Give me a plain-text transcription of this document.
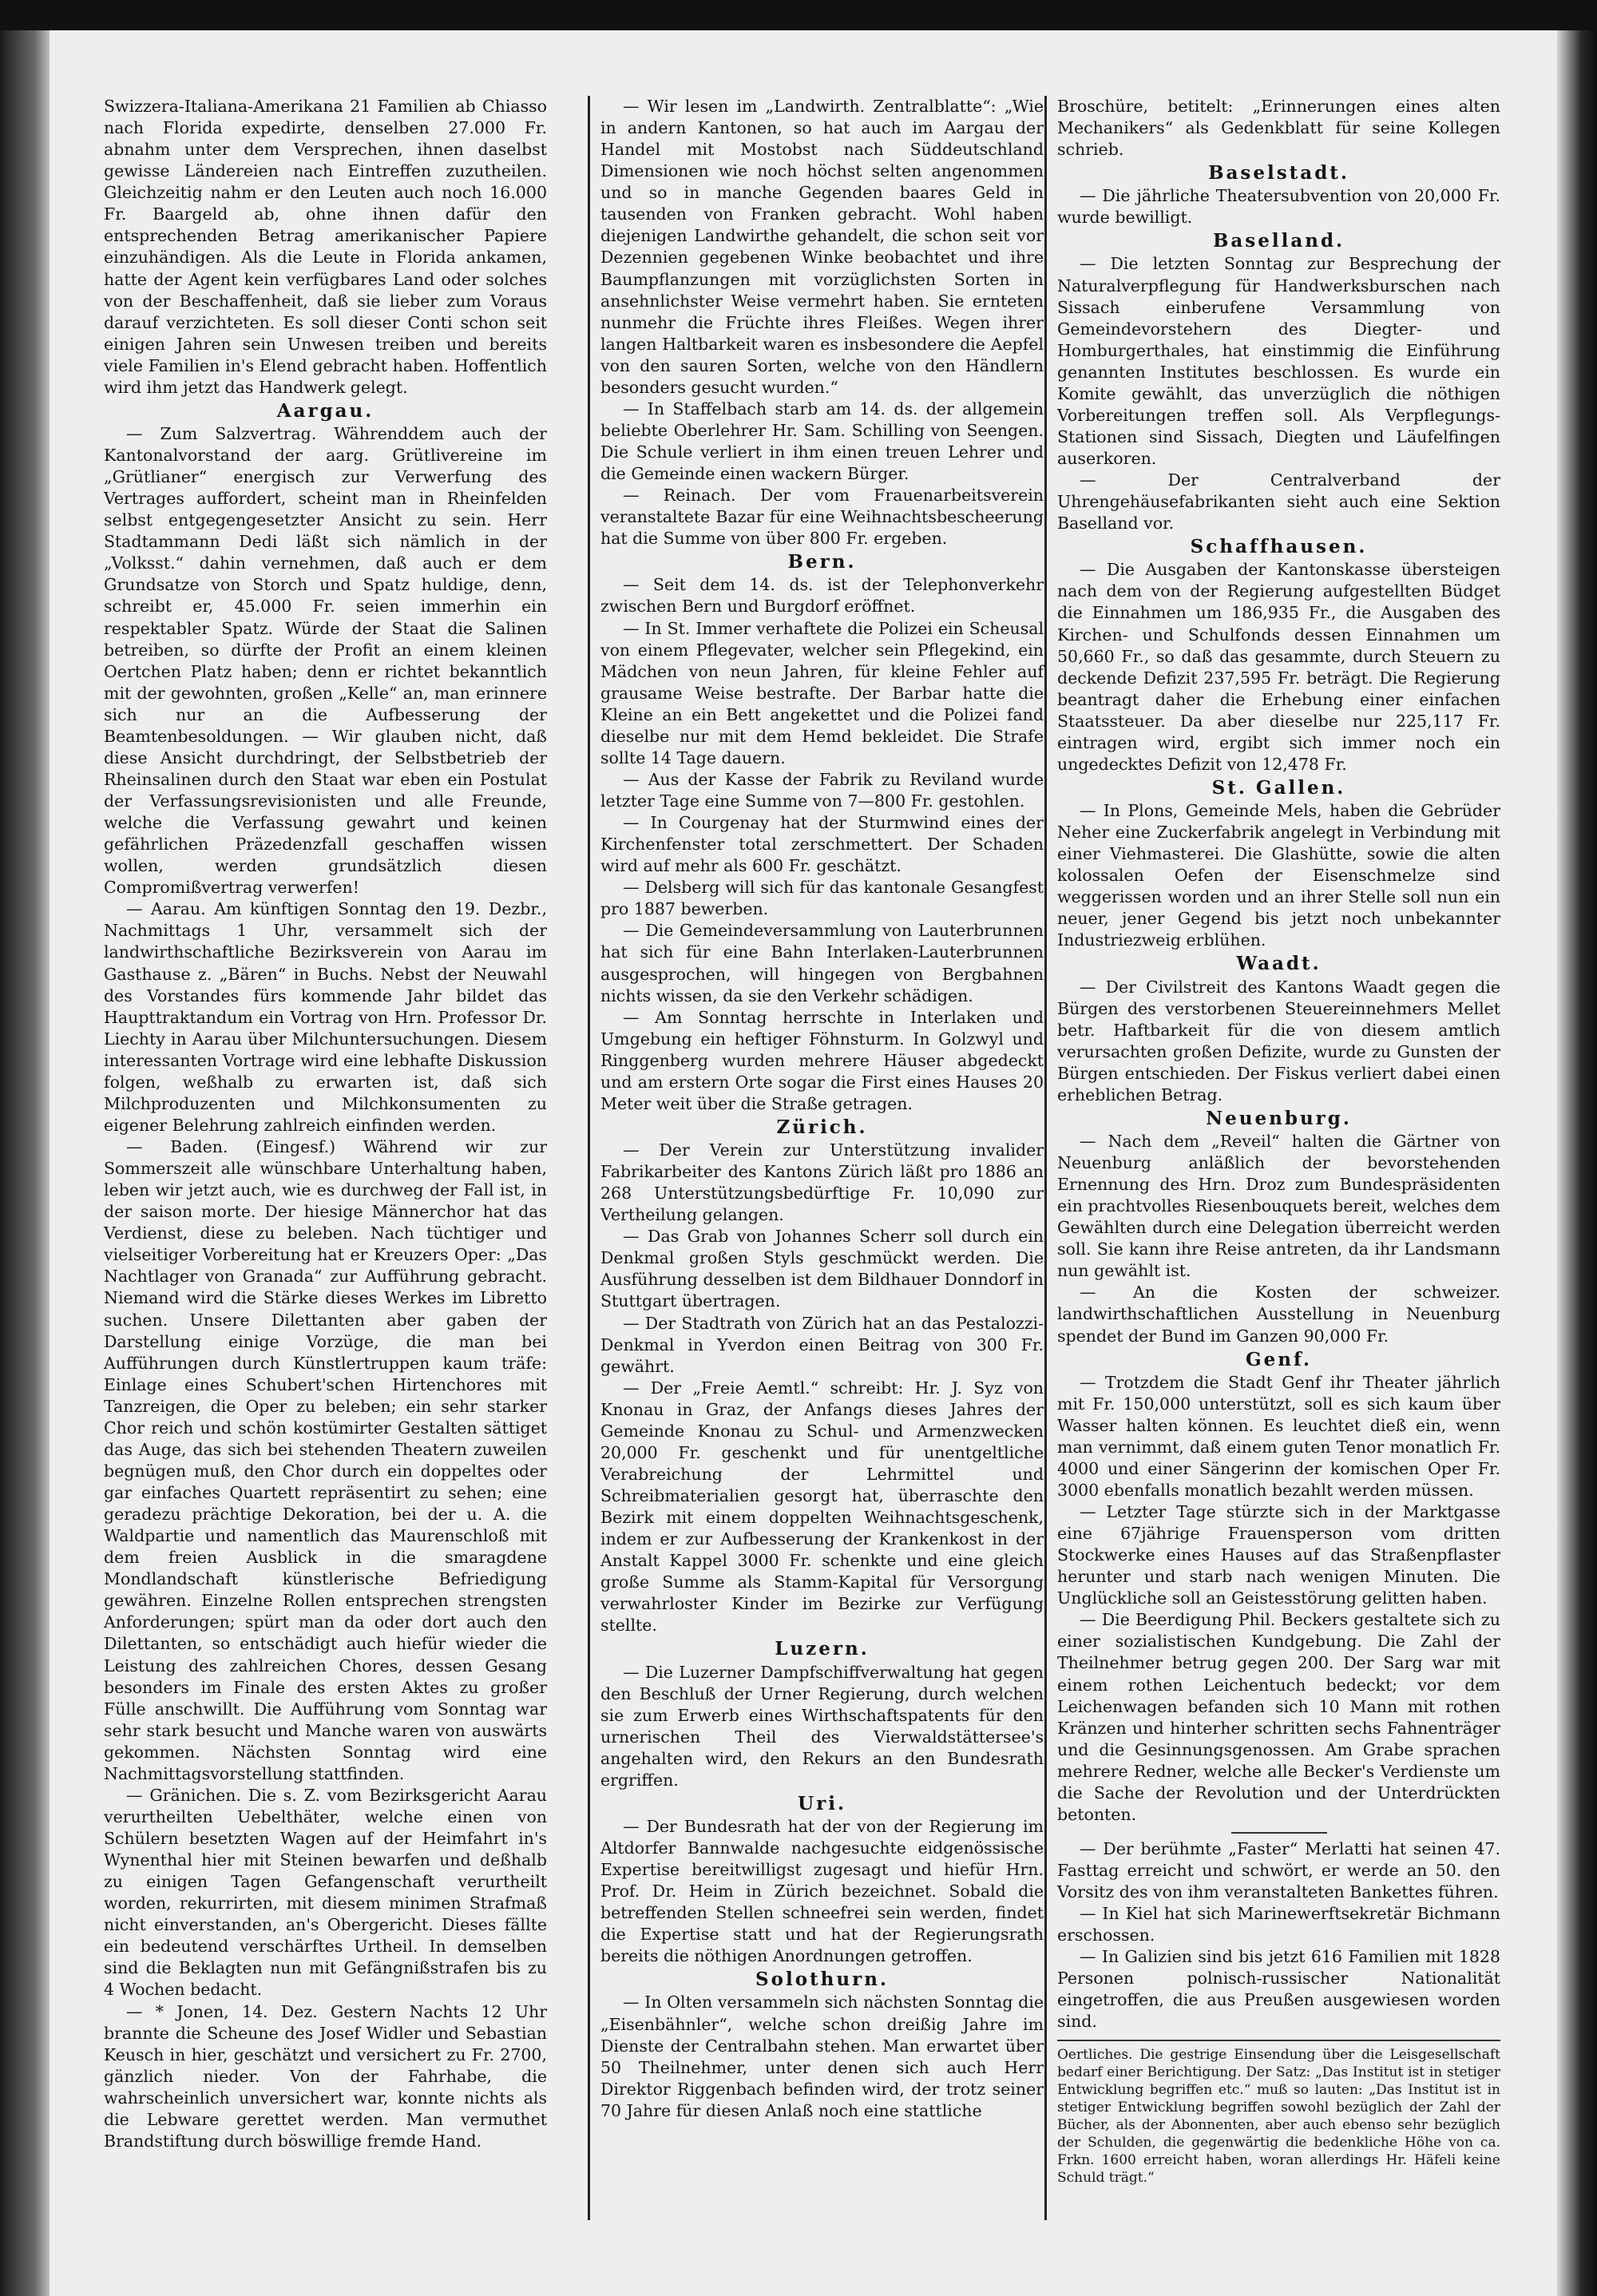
Swizzera-Italiana-Amerikana 21 Familien ab Chiasso nach Florida expedirte, denselben 27.000 Fr. abnahm unter dem Versprechen, ihnen daselbst gewisse Ländereien nach Eintreffen zuzutheilen. Gleichzeitig nahm er den Leuten auch noch 16.000 Fr. Baargeld ab, ohne ihnen dafür den entsprechenden Betrag amerikanischer Papiere einzuhändigen. Als die Leute in Florida ankamen, hatte der Agent kein verfügbares Land oder solches von der Beschaffenheit, daß sie lieber zum Voraus darauf verzichteten. Es soll dieser Conti schon seit einigen Jahren sein Unwesen treiben und bereits viele Familien in's Elend gebracht haben. Hoffentlich wird ihm jetzt das Handwerk gelegt.

Aargau.

— Zum Salzvertrag. Währenddem auch der Kantonalvorstand der aarg. Grütlivereine im „Grütlianer“ energisch zur Verwerfung des Vertrages auffordert, scheint man in Rheinfelden selbst entgegengesetzter Ansicht zu sein. Herr Stadtammann Dedi läßt sich nämlich in der „Volksst.“ dahin vernehmen, daß auch er dem Grundsatze von Storch und Spatz huldige, denn, schreibt er, 45.000 Fr. seien immerhin ein respektabler Spatz. Würde der Staat die Salinen betreiben, so dürfte der Profit an einem kleinen Oertchen Platz haben; denn er richtet bekanntlich mit der gewohnten, großen „Kelle“ an, man erinnere sich nur an die Aufbesserung der Beamtenbesoldungen. — Wir glauben nicht, daß diese Ansicht durchdringt, der Selbstbetrieb der Rheinsalinen durch den Staat war eben ein Postulat der Verfassungsrevisionisten und alle Freunde, welche die Verfassung gewahrt und keinen gefährlichen Präzedenzfall geschaffen wissen wollen, werden grundsätzlich diesen Compromißvertrag verwerfen!

— Aarau. Am künftigen Sonntag den 19. Dezbr., Nachmittags 1 Uhr, versammelt sich der landwirthschaftliche Bezirksverein von Aarau im Gasthause z. „Bären“ in Buchs. Nebst der Neuwahl des Vorstandes fürs kommende Jahr bildet das Haupttraktandum ein Vortrag von Hrn. Professor Dr. Liechty in Aarau über Milchuntersuchungen. Diesem interessanten Vortrage wird eine lebhafte Diskussion folgen, weßhalb zu erwarten ist, daß sich Milchproduzenten und Milchkonsumenten zu eigener Belehrung zahlreich einfinden werden.

— Baden. (Eingesf.) Während wir zur Sommerszeit alle wünschbare Unterhaltung haben, leben wir jetzt auch, wie es durchweg der Fall ist, in der saison morte. Der hiesige Männerchor hat das Verdienst, diese zu beleben. Nach tüchtiger und vielseitiger Vorbereitung hat er Kreuzers Oper: „Das Nachtlager von Granada“ zur Aufführung gebracht. Niemand wird die Stärke dieses Werkes im Libretto suchen. Unsere Dilettanten aber gaben der Darstellung einige Vorzüge, die man bei Aufführungen durch Künstlertruppen kaum träfe: Einlage eines Schubert'schen Hirtenchores mit Tanzreigen, die Oper zu beleben; ein sehr starker Chor reich und schön kostümirter Gestalten sättiget das Auge, das sich bei stehenden Theatern zuweilen begnügen muß, den Chor durch ein doppeltes oder gar einfaches Quartett repräsentirt zu sehen; eine geradezu prächtige Dekoration, bei der u. A. die Waldpartie und namentlich das Maurenschloß mit dem freien Ausblick in die smaragdene Mondlandschaft künstlerische Befriedigung gewähren. Einzelne Rollen entsprechen strengsten Anforderungen; spürt man da oder dort auch den Dilettanten, so entschädigt auch hiefür wieder die Leistung des zahlreichen Chores, dessen Gesang besonders im Finale des ersten Aktes zu großer Fülle anschwillt. Die Aufführung vom Sonntag war sehr stark besucht und Manche waren von auswärts gekommen. Nächsten Sonntag wird eine Nachmittagsvorstellung stattfinden.

— Gränichen. Die s. Z. vom Bezirksgericht Aarau verurtheilten Uebelthäter, welche einen von Schülern besetzten Wagen auf der Heimfahrt in's Wynenthal hier mit Steinen bewarfen und deßhalb zu einigen Tagen Gefangenschaft verurtheilt worden, rekurrirten, mit diesem minimen Strafmaß nicht einverstanden, an's Obergericht. Dieses fällte ein bedeutend verschärftes Urtheil. In demselben sind die Beklagten nun mit Gefängnißstrafen bis zu 4 Wochen bedacht.

— * Jonen, 14. Dez. Gestern Nachts 12 Uhr brannte die Scheune des Josef Widler und Sebastian Keusch in hier, geschätzt und versichert zu Fr. 2700, gänzlich nieder. Von der Fahrhabe, die wahrscheinlich unversichert war, konnte nichts als die Lebware gerettet werden. Man vermuthet Brandstiftung durch böswillige fremde Hand.

— Wir lesen im „Landwirth. Zentralblatte“: „Wie in andern Kantonen, so hat auch im Aargau der Handel mit Mostobst nach Süddeutschland Dimensionen wie noch höchst selten angenommen und so in manche Gegenden baares Geld in tausenden von Franken gebracht. Wohl haben diejenigen Landwirthe gehandelt, die schon seit vor Dezennien gegebenen Winke beobachtet und ihre Baumpflanzungen mit vorzüglichsten Sorten in ansehnlichster Weise vermehrt haben. Sie ernteten nunmehr die Früchte ihres Fleißes. Wegen ihrer langen Haltbarkeit waren es insbesondere die Aepfel von den sauren Sorten, welche von den Händlern besonders gesucht wurden.“

— In Staffelbach starb am 14. ds. der allgemein beliebte Oberlehrer Hr. Sam. Schilling von Seengen. Die Schule verliert in ihm einen treuen Lehrer und die Gemeinde einen wackern Bürger.

— Reinach. Der vom Frauenarbeitsverein veranstaltete Bazar für eine Weihnachtsbescheerung hat die Summe von über 800 Fr. ergeben.

Bern.

— Seit dem 14. ds. ist der Telephonverkehr zwischen Bern und Burgdorf eröffnet.

— In St. Immer verhaftete die Polizei ein Scheusal von einem Pflegevater, welcher sein Pflegekind, ein Mädchen von neun Jahren, für kleine Fehler auf grausame Weise bestrafte. Der Barbar hatte die Kleine an ein Bett angekettet und die Polizei fand dieselbe nur mit dem Hemd bekleidet. Die Strafe sollte 14 Tage dauern.

— Aus der Kasse der Fabrik zu Reviland wurde letzter Tage eine Summe von 7—800 Fr. gestohlen.

— In Courgenay hat der Sturmwind eines der Kirchenfenster total zerschmettert. Der Schaden wird auf mehr als 600 Fr. geschätzt.

— Delsberg will sich für das kantonale Gesangfest pro 1887 bewerben.

— Die Gemeindeversammlung von Lauterbrunnen hat sich für eine Bahn Interlaken-Lauterbrunnen ausgesprochen, will hingegen von Bergbahnen nichts wissen, da sie den Verkehr schädigen.

— Am Sonntag herrschte in Interlaken und Umgebung ein heftiger Föhnsturm. In Golzwyl und Ringgenberg wurden mehrere Häuser abgedeckt und am erstern Orte sogar die First eines Hauses 20 Meter weit über die Straße getragen.

Zürich.

— Der Verein zur Unterstützung invalider Fabrikarbeiter des Kantons Zürich läßt pro 1886 an 268 Unterstützungsbedürftige Fr. 10,090 zur Vertheilung gelangen.

— Das Grab von Johannes Scherr soll durch ein Denkmal großen Styls geschmückt werden. Die Ausführung desselben ist dem Bildhauer Donndorf in Stuttgart übertragen.

— Der Stadtrath von Zürich hat an das Pestalozzi-Denkmal in Yverdon einen Beitrag von 300 Fr. gewährt.

— Der „Freie Aemtl.“ schreibt: Hr. J. Syz von Knonau in Graz, der Anfangs dieses Jahres der Gemeinde Knonau zu Schul- und Armenzwecken 20,000 Fr. geschenkt und für unentgeltliche Verabreichung der Lehrmittel und Schreibmaterialien gesorgt hat, überraschte den Bezirk mit einem doppelten Weihnachtsgeschenk, indem er zur Aufbesserung der Krankenkost in der Anstalt Kappel 3000 Fr. schenkte und eine gleich große Summe als Stamm-Kapital für Versorgung verwahrloster Kinder im Bezirke zur Verfügung stellte.

Luzern.

— Die Luzerner Dampfschiffverwaltung hat gegen den Beschluß der Urner Regierung, durch welchen sie zum Erwerb eines Wirthschaftspatents für den urnerischen Theil des Vierwaldstättersee's angehalten wird, den Rekurs an den Bundesrath ergriffen.

Uri.

— Der Bundesrath hat der von der Regierung im Altdorfer Bannwalde nachgesuchte eidgenössische Expertise bereitwilligst zugesagt und hiefür Hrn. Prof. Dr. Heim in Zürich bezeichnet. Sobald die betreffenden Stellen schneefrei sein werden, findet die Expertise statt und hat der Regierungsrath bereits die nöthigen Anordnungen getroffen.

Solothurn.

— In Olten versammeln sich nächsten Sonntag die „Eisenbähnler“, welche schon dreißig Jahre im Dienste der Centralbahn stehen. Man erwartet über 50 Theilnehmer, unter denen sich auch Herr Direktor Riggenbach befinden wird, der trotz seiner 70 Jahre für diesen Anlaß noch eine stattliche

Broschüre, betitelt: „Erinnerungen eines alten Mechanikers“ als Gedenkblatt für seine Kollegen schrieb.

Baselstadt.

— Die jährliche Theatersubvention von 20,000 Fr. wurde bewilligt.

Baselland.

— Die letzten Sonntag zur Besprechung der Naturalverpflegung für Handwerksburschen nach Sissach einberufene Versammlung von Gemeindevorstehern des Diegter- und Homburgerthales, hat einstimmig die Einführung genannten Institutes beschlossen. Es wurde ein Komite gewählt, das unverzüglich die nöthigen Vorbereitungen treffen soll. Als Verpflegungs-Stationen sind Sissach, Diegten und Läufelfingen auserkoren.

— Der Centralverband der Uhrengehäusefabrikanten sieht auch eine Sektion Baselland vor.

Schaffhausen.

— Die Ausgaben der Kantonskasse übersteigen nach dem von der Regierung aufgestellten Büdget die Einnahmen um 186,935 Fr., die Ausgaben des Kirchen- und Schulfonds dessen Einnahmen um 50,660 Fr., so daß das gesammte, durch Steuern zu deckende Defizit 237,595 Fr. beträgt. Die Regierung beantragt daher die Erhebung einer einfachen Staatssteuer. Da aber dieselbe nur 225,117 Fr. eintragen wird, ergibt sich immer noch ein ungedecktes Defizit von 12,478 Fr.

St. Gallen.

— In Plons, Gemeinde Mels, haben die Gebrüder Neher eine Zuckerfabrik angelegt in Verbindung mit einer Viehmasterei. Die Glashütte, sowie die alten kolossalen Oefen der Eisenschmelze sind weggerissen worden und an ihrer Stelle soll nun ein neuer, jener Gegend bis jetzt noch unbekannter Industriezweig erblühen.

Waadt.

— Der Civilstreit des Kantons Waadt gegen die Bürgen des verstorbenen Steuereinnehmers Mellet betr. Haftbarkeit für die von diesem amtlich verursachten großen Defizite, wurde zu Gunsten der Bürgen entschieden. Der Fiskus verliert dabei einen erheblichen Betrag.

Neuenburg.

— Nach dem „Reveil“ halten die Gärtner von Neuenburg anläßlich der bevorstehenden Ernennung des Hrn. Droz zum Bundespräsidenten ein prachtvolles Riesenbouquets bereit, welches dem Gewählten durch eine Delegation überreicht werden soll. Sie kann ihre Reise antreten, da ihr Landsmann nun gewählt ist.

— An die Kosten der schweizer. landwirthschaftlichen Ausstellung in Neuenburg spendet der Bund im Ganzen 90,000 Fr.

Genf.

— Trotzdem die Stadt Genf ihr Theater jährlich mit Fr. 150,000 unterstützt, soll es sich kaum über Wasser halten können. Es leuchtet dieß ein, wenn man vernimmt, daß einem guten Tenor monatlich Fr. 4000 und einer Sängerinn der komischen Oper Fr. 3000 ebenfalls monatlich bezahlt werden müssen.

— Letzter Tage stürzte sich in der Marktgasse eine 67jährige Frauensperson vom dritten Stockwerke eines Hauses auf das Straßenpflaster herunter und starb nach wenigen Minuten. Die Unglückliche soll an Geistesstörung gelitten haben.

— Die Beerdigung Phil. Beckers gestaltete sich zu einer sozialistischen Kundgebung. Die Zahl der Theilnehmer betrug gegen 200. Der Sarg war mit einem rothen Leichentuch bedeckt; vor dem Leichenwagen befanden sich 10 Mann mit rothen Kränzen und hinterher schritten sechs Fahnenträger und die Gesinnungsgenossen. Am Grabe sprachen mehrere Redner, welche alle Becker's Verdienste um die Sache der Revolution und der Unterdrückten betonten.

— Der berühmte „Faster“ Merlatti hat seinen 47. Fasttag erreicht und schwört, er werde an 50. den Vorsitz des von ihm veranstalteten Bankettes führen.

— In Kiel hat sich Marinewerftsekretär Bichmann erschossen.

— In Galizien sind bis jetzt 616 Familien mit 1828 Personen polnisch-russischer Nationalität eingetroffen, die aus Preußen ausgewiesen worden sind.

Oertliches. Die gestrige Einsendung über die Leisgesellschaft bedarf einer Berichtigung. Der Satz: „Das Institut ist in stetiger Entwicklung begriffen etc.“ muß so lauten: „Das Institut ist in stetiger Entwicklung begriffen sowohl bezüglich der Zahl der Bücher, als der Abonnenten, aber auch ebenso sehr bezüglich der Schulden, die gegenwärtig die bedenkliche Höhe von ca. Frkn. 1600 erreicht haben, woran allerdings Hr. Häfeli keine Schuld trägt.“
